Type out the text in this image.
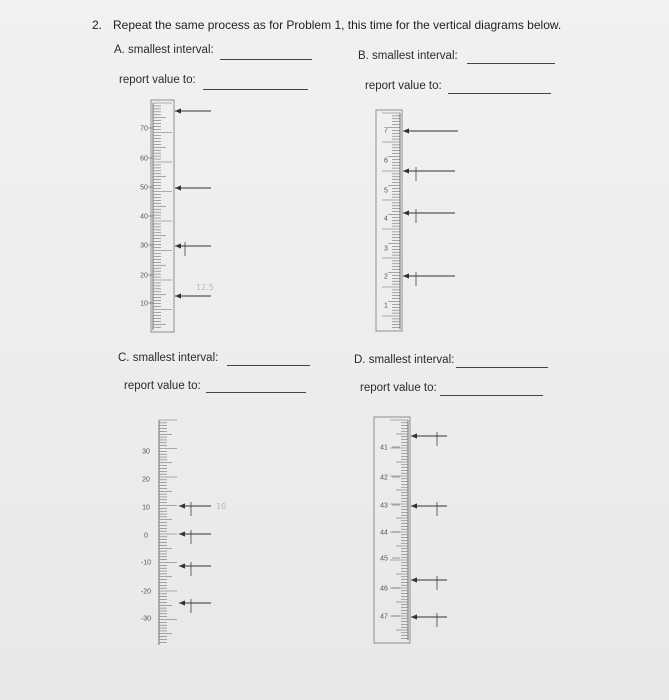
2. Repeat the same process as for Problem 1, this time for the vertical diagrams below.
A. smallest interval:
report value to:
B. smallest interval:
report value to:
C. smallest interval:
report value to:
D. smallest interval:
report value to:
70
60
50
40
30
20
10
12.5
7
6
5
4
3
2
1
30
20
10
0
-10
-20
-30
10
41
42
43
44
45
46
47
